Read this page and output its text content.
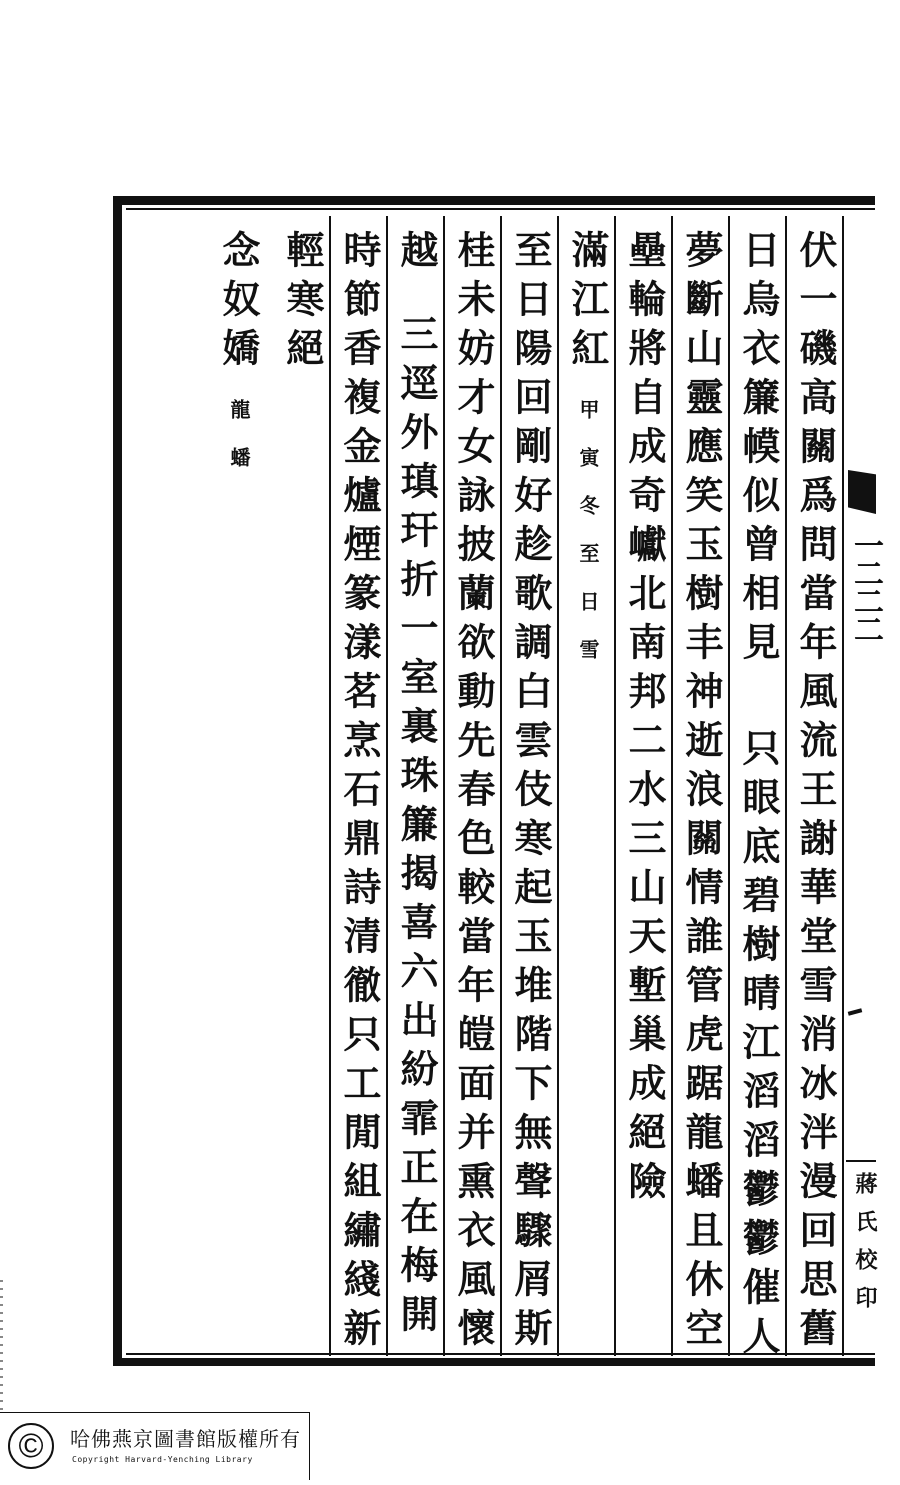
伏一磯高關爲問當年風流王謝華堂雪消冰泮漫回思舊
日烏衣簾幙似曾相見
只眼底碧樹晴江滔滔鬱鬱催人
夢斷山靈應笑玉樹丰神逝浪關情誰管虎踞龍蟠且休空
壘輪將自成奇巘北南邦二水三山天塹巢成絕險
滿江紅
甲寅冬至日雪
至日陽回剛好趁歌調白雲伎寒起玉堆階下無聲驟屑斯
桂未妨才女詠披蘭欲動先春色較當年皚面并熏衣風懷
越
三逕外瑱玕折一室裏珠簾揭喜六出紛霏正在梅開
時節香複金爐煙篆漾茗烹石鼎詩清徹只工閒組繡綫新
輕寒絕
念奴嬌
龍蟠
一二二二
蔣氏校印
©	哈佛燕京圖書館版權所有
Copyright Harvard-Yenching Library
